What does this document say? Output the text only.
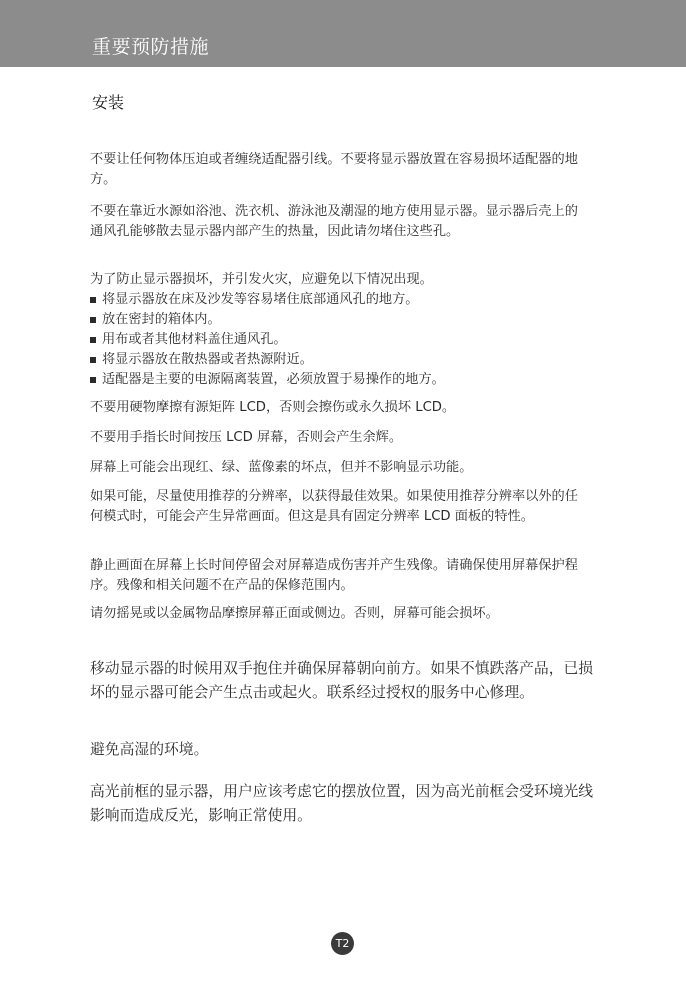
重要预防措施
安装

不要让任何物体压迫或者缠绕适配器引线。不要将显示器放置在容易损坏适配器的地方。

不要在靠近水源如浴池、洗衣机、游泳池及潮湿的地方使用显示器。显示器后壳上的通风孔能够散去显示器内部产生的热量，因此请勿堵住这些孔。

为了防止显示器损坏，并引发火灾，应避免以下情况出现。
将显示器放在床及沙发等容易堵住底部通风孔的地方。
放在密封的箱体内。
用布或者其他材料盖住通风孔。
将显示器放在散热器或者热源附近。
适配器是主要的电源隔离装置，必须放置于易操作的地方。

不要用硬物摩擦有源矩阵 LCD，否则会擦伤或永久损坏 LCD。

不要用手指长时间按压 LCD 屏幕，否则会产生余辉。

屏幕上可能会出现红、绿、蓝像素的坏点，但并不影响显示功能。

如果可能，尽量使用推荐的分辨率，以获得最佳效果。如果使用推荐分辨率以外的任何模式时，可能会产生异常画面。但这是具有固定分辨率 LCD 面板的特性。

静止画面在屏幕上长时间停留会对屏幕造成伤害并产生残像。请确保使用屏幕保护程序。残像和相关问题不在产品的保修范围内。

请勿摇晃或以金属物品摩擦屏幕正面或侧边。否则，屏幕可能会损坏。

移动显示器的时候用双手抱住并确保屏幕朝向前方。如果不慎跌落产品，已损坏的显示器可能会产生点击或起火。联系经过授权的服务中心修理。

避免高湿的环境。

高光前框的显示器，用户应该考虑它的摆放位置，因为高光前框会受环境光线影响而造成反光，影响正常使用。

T2
